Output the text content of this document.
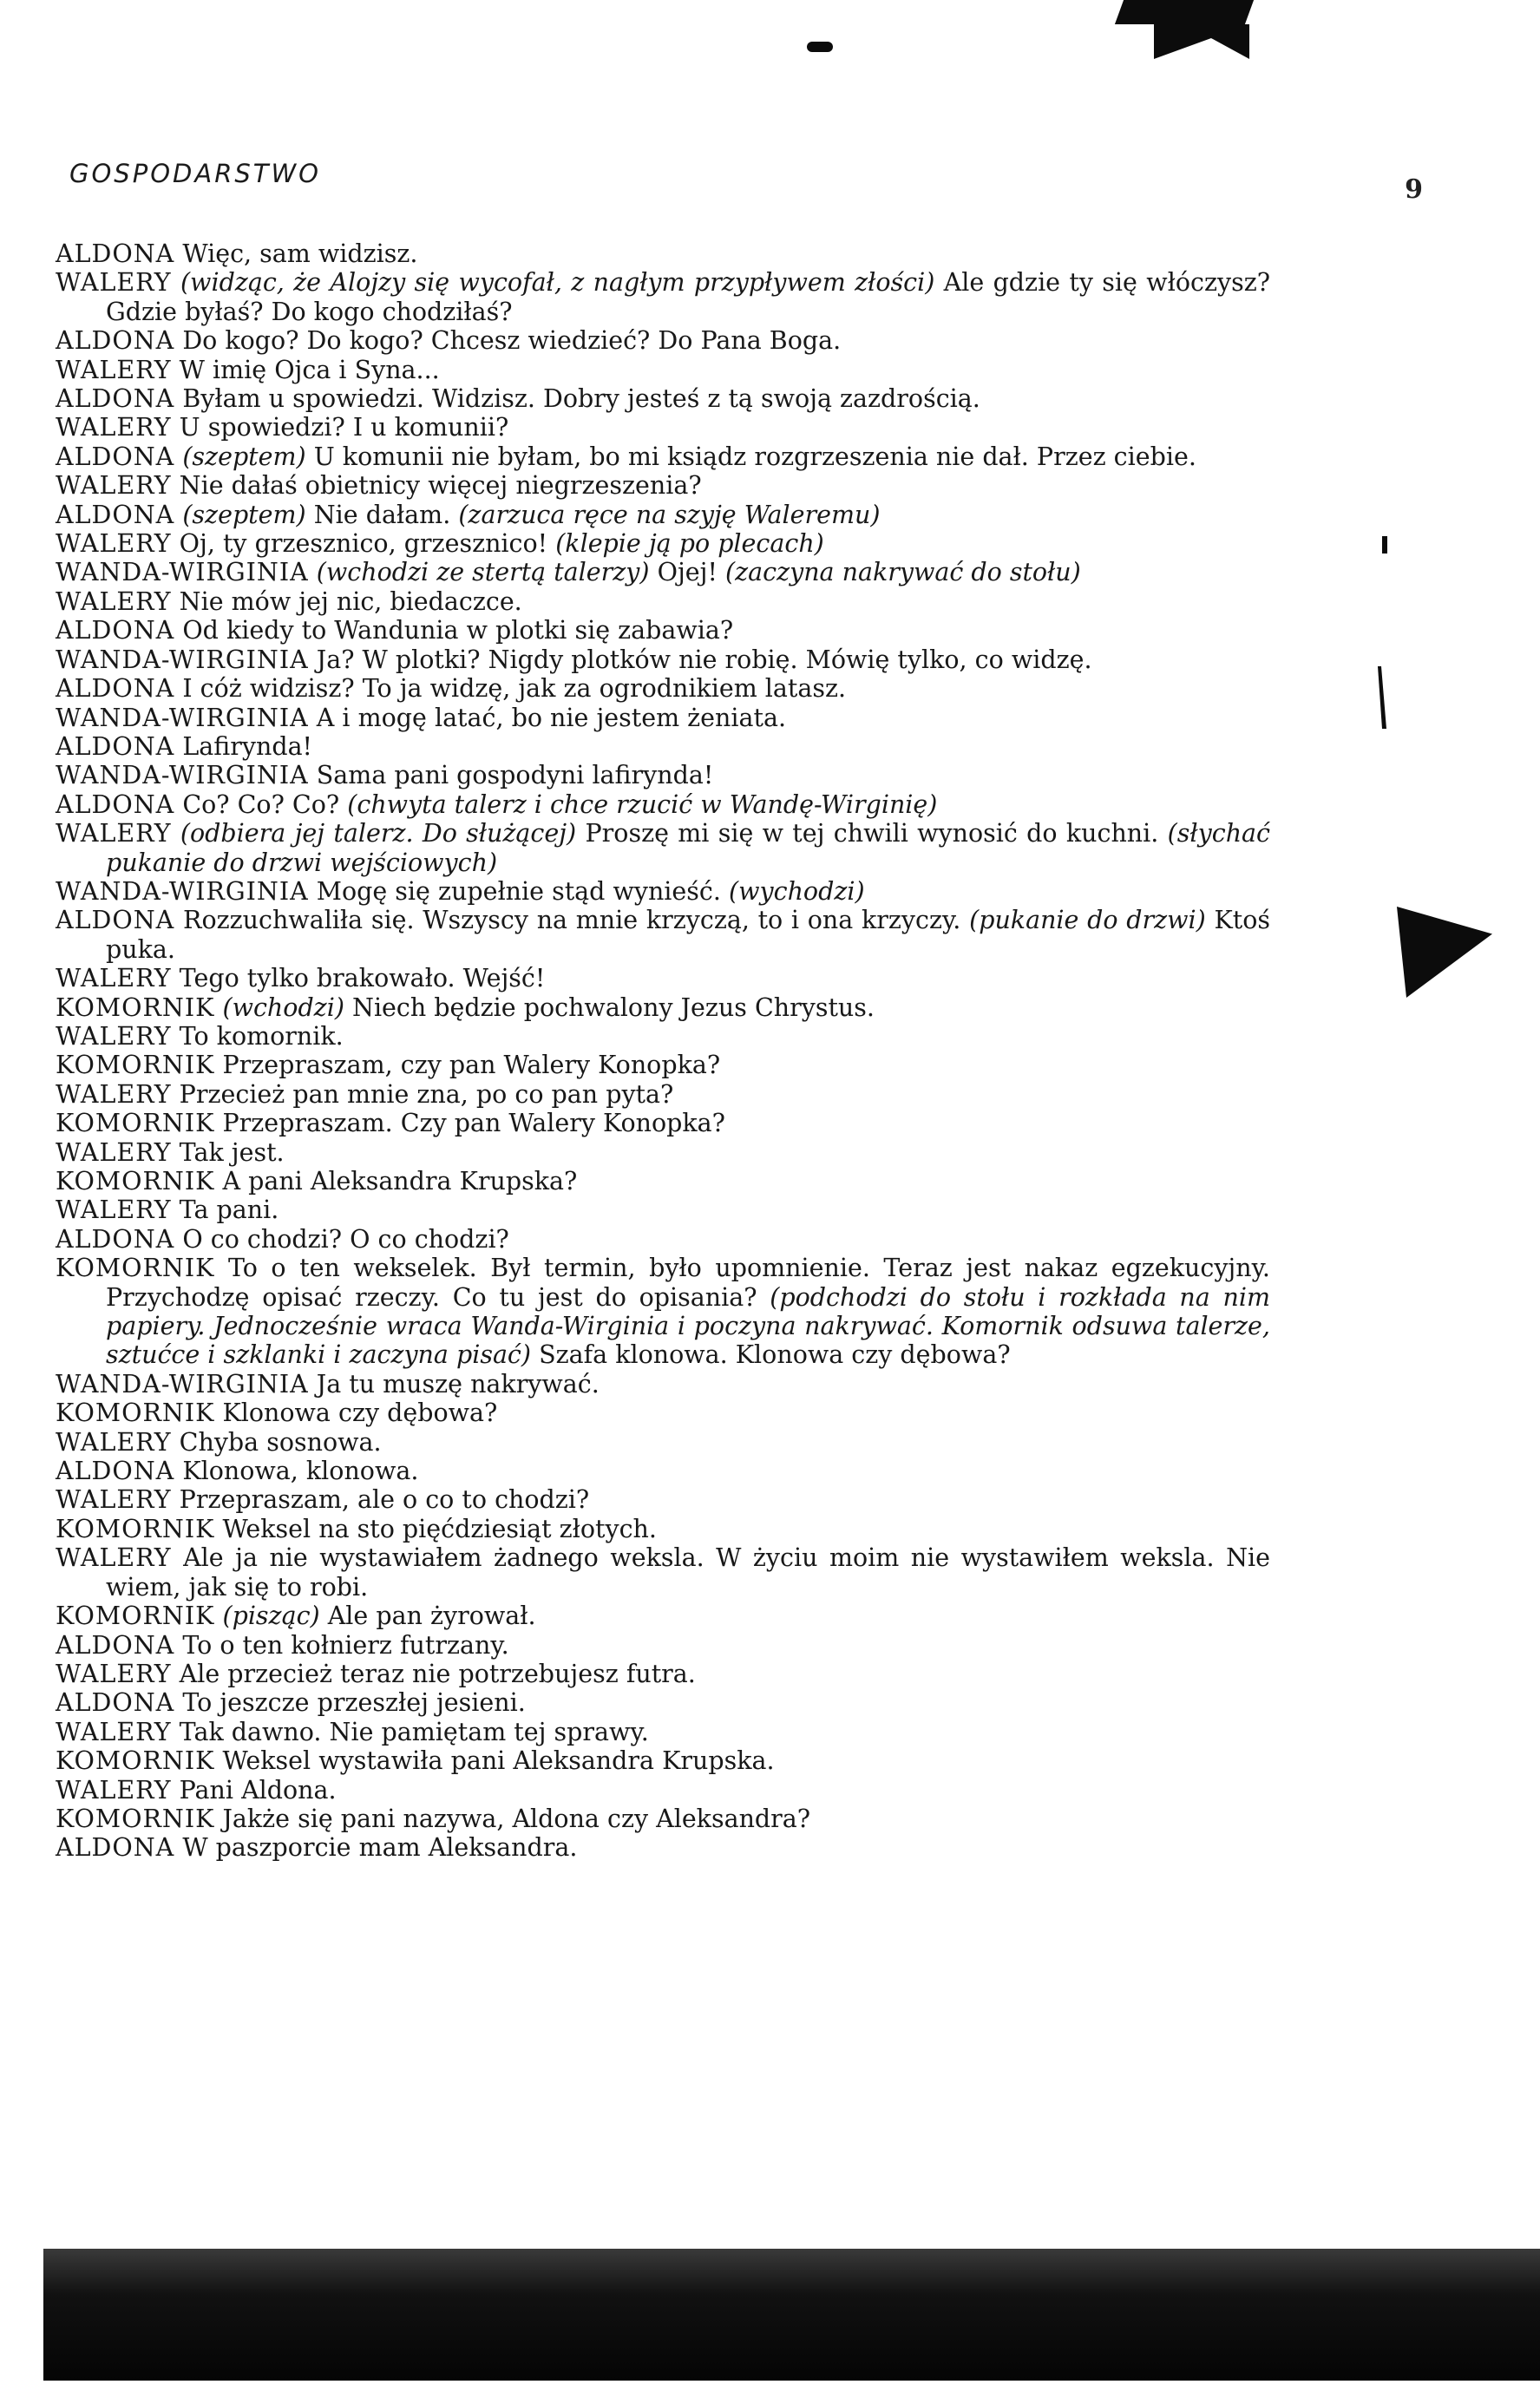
GOSPODARSTWO
9
ALDONA Więc, sam widzisz.
WALERY (widząc, że Alojzy się wycofał, z nagłym przypływem złości) Ale gdzie ty się włóczysz? Gdzie byłaś? Do kogo chodziłaś?
ALDONA Do kogo? Do kogo? Chcesz wiedzieć? Do Pana Boga.
WALERY W imię Ojca i Syna...
ALDONA Byłam u spowiedzi. Widzisz. Dobry jesteś z tą swoją zazdrością.
WALERY U spowiedzi? I u komunii?
ALDONA (szeptem) U komunii nie byłam, bo mi ksiądz rozgrzeszenia nie dał. Przez ciebie.
WALERY Nie dałaś obietnicy więcej niegrzeszenia?
ALDONA (szeptem) Nie dałam. (zarzuca ręce na szyję Waleremu)
WALERY Oj, ty grzesznico, grzesznico! (klepie ją po plecach)
WANDA-WIRGINIA (wchodzi ze stertą talerzy) Ojej! (zaczyna nakrywać do stołu)
WALERY Nie mów jej nic, biedaczce.
ALDONA Od kiedy to Wandunia w plotki się zabawia?
WANDA-WIRGINIA Ja? W plotki? Nigdy plotków nie robię. Mówię tylko, co widzę.
ALDONA I cóż widzisz? To ja widzę, jak za ogrodnikiem latasz.
WANDA-WIRGINIA A i mogę latać, bo nie jestem żeniata.
ALDONA Lafirynda!
WANDA-WIRGINIA Sama pani gospodyni lafirynda!
ALDONA Co? Co? Co? (chwyta talerz i chce rzucić w Wandę-Wirginię)
WALERY (odbiera jej talerz. Do służącej) Proszę mi się w tej chwili wynosić do kuchni. (słychać pukanie do drzwi wejściowych)
WANDA-WIRGINIA Mogę się zupełnie stąd wynieść. (wychodzi)
ALDONA Rozzuchwaliła się. Wszyscy na mnie krzyczą, to i ona krzyczy. (pukanie do drzwi) Ktoś puka.
WALERY Tego tylko brakowało. Wejść!
KOMORNIK (wchodzi) Niech będzie pochwalony Jezus Chrystus.
WALERY To komornik.
KOMORNIK Przepraszam, czy pan Walery Konopka?
WALERY Przecież pan mnie zna, po co pan pyta?
KOMORNIK Przepraszam. Czy pan Walery Konopka?
WALERY Tak jest.
KOMORNIK A pani Aleksandra Krupska?
WALERY Ta pani.
ALDONA O co chodzi? O co chodzi?
KOMORNIK To o ten wekselek. Był termin, było upomnienie. Teraz jest nakaz egzekucyjny. Przychodzę opisać rzeczy. Co tu jest do opisania? (podchodzi do stołu i rozkłada na nim papiery. Jednocześnie wraca Wanda-Wirginia i poczyna nakrywać. Komornik odsuwa talerze, sztućce i szklanki i zaczyna pisać) Szafa klonowa. Klonowa czy dębowa?
WANDA-WIRGINIA Ja tu muszę nakrywać.
KOMORNIK Klonowa czy dębowa?
WALERY Chyba sosnowa.
ALDONA Klonowa, klonowa.
WALERY Przepraszam, ale o co to chodzi?
KOMORNIK Weksel na sto pięćdziesiąt złotych.
WALERY Ale ja nie wystawiałem żadnego weksla. W życiu moim nie wystawiłem weksla. Nie wiem, jak się to robi.
KOMORNIK (pisząc) Ale pan żyrował.
ALDONA To o ten kołnierz futrzany.
WALERY Ale przecież teraz nie potrzebujesz futra.
ALDONA To jeszcze przeszłej jesieni.
WALERY Tak dawno. Nie pamiętam tej sprawy.
KOMORNIK Weksel wystawiła pani Aleksandra Krupska.
WALERY Pani Aldona.
KOMORNIK Jakże się pani nazywa, Aldona czy Aleksandra?
ALDONA W paszporcie mam Aleksandra.
